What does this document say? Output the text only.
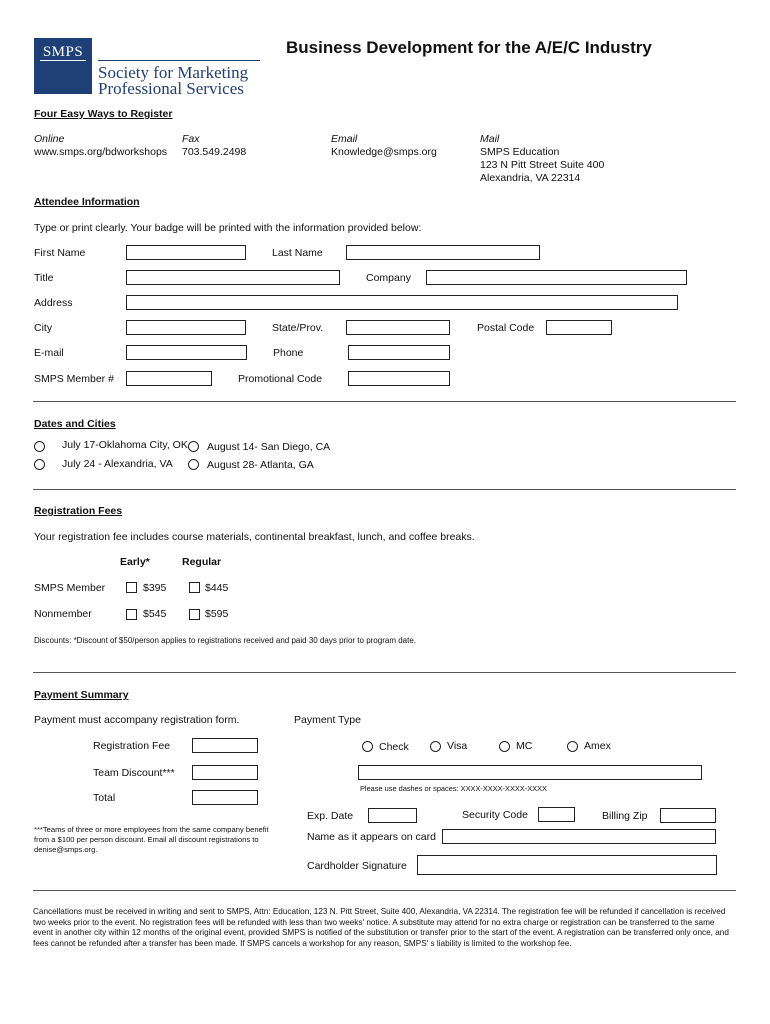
SMPS
Society for Marketing
Professional Services
Business Development for the A/E/C Industry
Four Easy Ways to Register
Online
www.smps.org/bdworkshops
Fax
703.549.2498
Email
Knowledge@smps.org
Mail
SMPS Education
123 N Pitt Street Suite 400
Alexandria, VA 22314
Attendee Information
Type or print clearly. Your badge will be printed with the information provided below:
First Name	Last Name
Title	Company
Address
City	State/Prov.	Postal Code
E-mail	Phone
SMPS Member #	Promotional Code
Dates and Cities
July 17-Oklahoma City, OK August 14- San Diego, CA
July 24 - Alexandria, VA	August 28- Atlanta, GA
Registration Fees
Your registration fee includes course materials, continental breakfast, lunch, and coffee breaks.
Early*	Regular
SMPS Member	$395	$445
Nonmember	$545	$595
Discounts: *Discount of $50/person applies to registrations received and paid 30 days prior to program date.
Payment Summary
Payment must accompany registration form.	Payment Type
Registration Fee
Team Discount***
Total
Check	Visa	MC	Amex
Please use dashes or spaces: XXXX-XXXX-XXXX-XXXX
Exp. Date	Security Code	Billing Zip
Name as it appears on card
***Teams of three or more employees from the same company benefit from a $100 per person discount. Email all discount registrations to denise@smps.org.
Cardholder Signature
Cancellations must be received in writing and sent to SMPS, Attn: Education, 123 N. Pitt Street, Suite 400, Alexandria, VA 22314. The registration fee will be refunded if cancellation is received two weeks prior to the event. No registration fees will be refunded with less than two weeks' notice. A substitute may attend for no extra charge or registration can be transferred to the same event in another city within 12 months of the original event, provided SMPS is notified of the substitution or transfer prior to the start of the event. A registration can be transferred only once, and fees cannot be refunded after a transfer has been made. If SMPS cancels a workshop for any reason, SMPS' s liability is limited to the workshop fee.
